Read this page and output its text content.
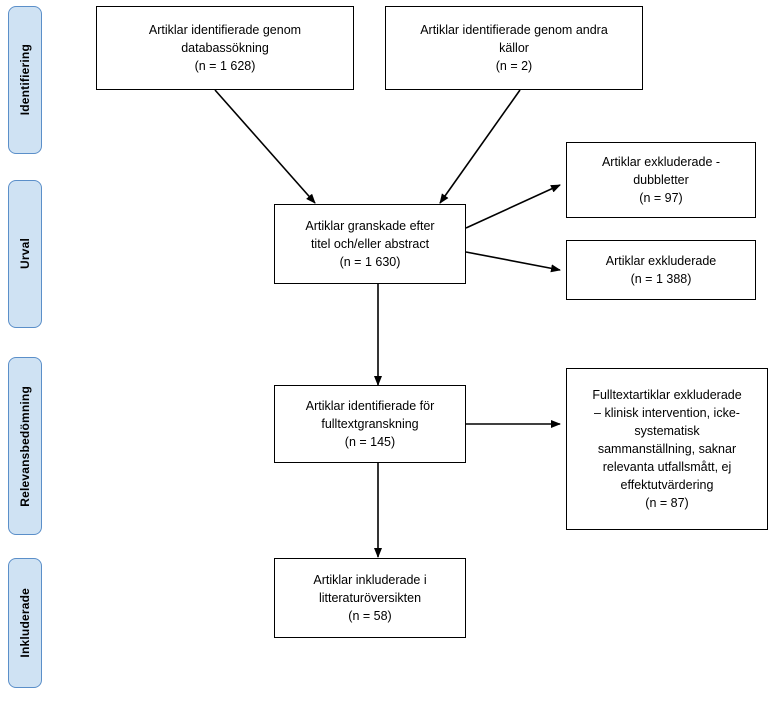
Identifiering
Urval
Relevansbedömning
Inkluderade
Artiklar identifierade genom
databassökning
(n = 1 628)
Artiklar identifierade genom andra
källor
(n = 2)
Artiklar granskade efter
titel och/eller abstract
(n = 1 630)
Artiklar exkluderade -
dubbletter
(n = 97)
Artiklar exkluderade
(n = 1 388)
Artiklar identifierade för
fulltextgranskning
(n = 145)
Fulltextartiklar exkluderade
– klinisk intervention, icke-
systematisk
sammanställning, saknar
relevanta utfallsmått, ej
effektutvärdering
(n = 87)
Artiklar inkluderade i
litteraturöversikten
(n = 58)
